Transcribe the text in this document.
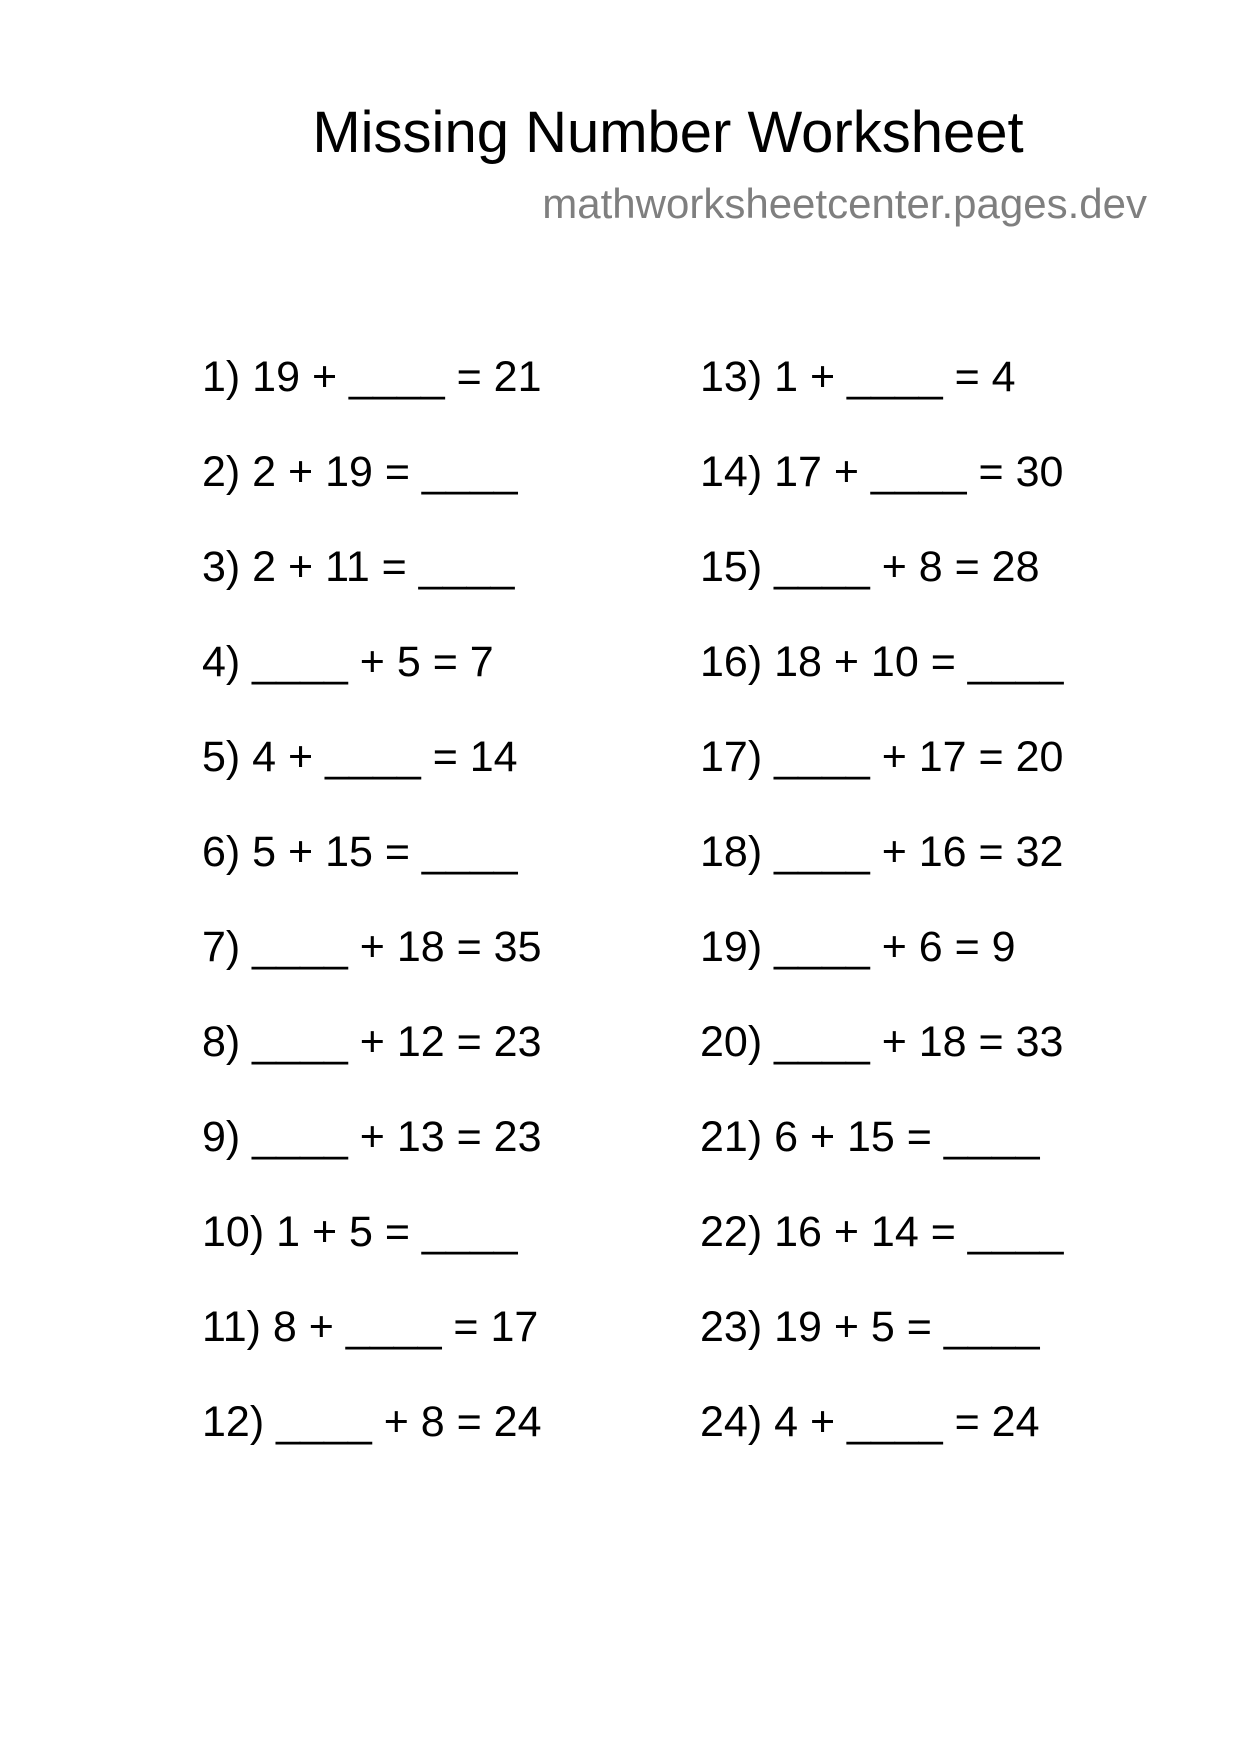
Missing Number Worksheet
mathworksheetcenter.pages.dev
1) 19 + ____ = 21
2) 2 + 19 = ____
3) 2 + 11 = ____
4) ____ + 5 = 7
5) 4 + ____ = 14
6) 5 + 15 = ____
7) ____ + 18 = 35
8) ____ + 12 = 23
9) ____ + 13 = 23
10) 1 + 5 = ____
11) 8 + ____ = 17
12) ____ + 8 = 24
13) 1 + ____ = 4
14) 17 + ____ = 30
15) ____ + 8 = 28
16) 18 + 10 = ____
17) ____ + 17 = 20
18) ____ + 16 = 32
19) ____ + 6 = 9
20) ____ + 18 = 33
21) 6 + 15 = ____
22) 16 + 14 = ____
23) 19 + 5 = ____
24) 4 + ____ = 24
